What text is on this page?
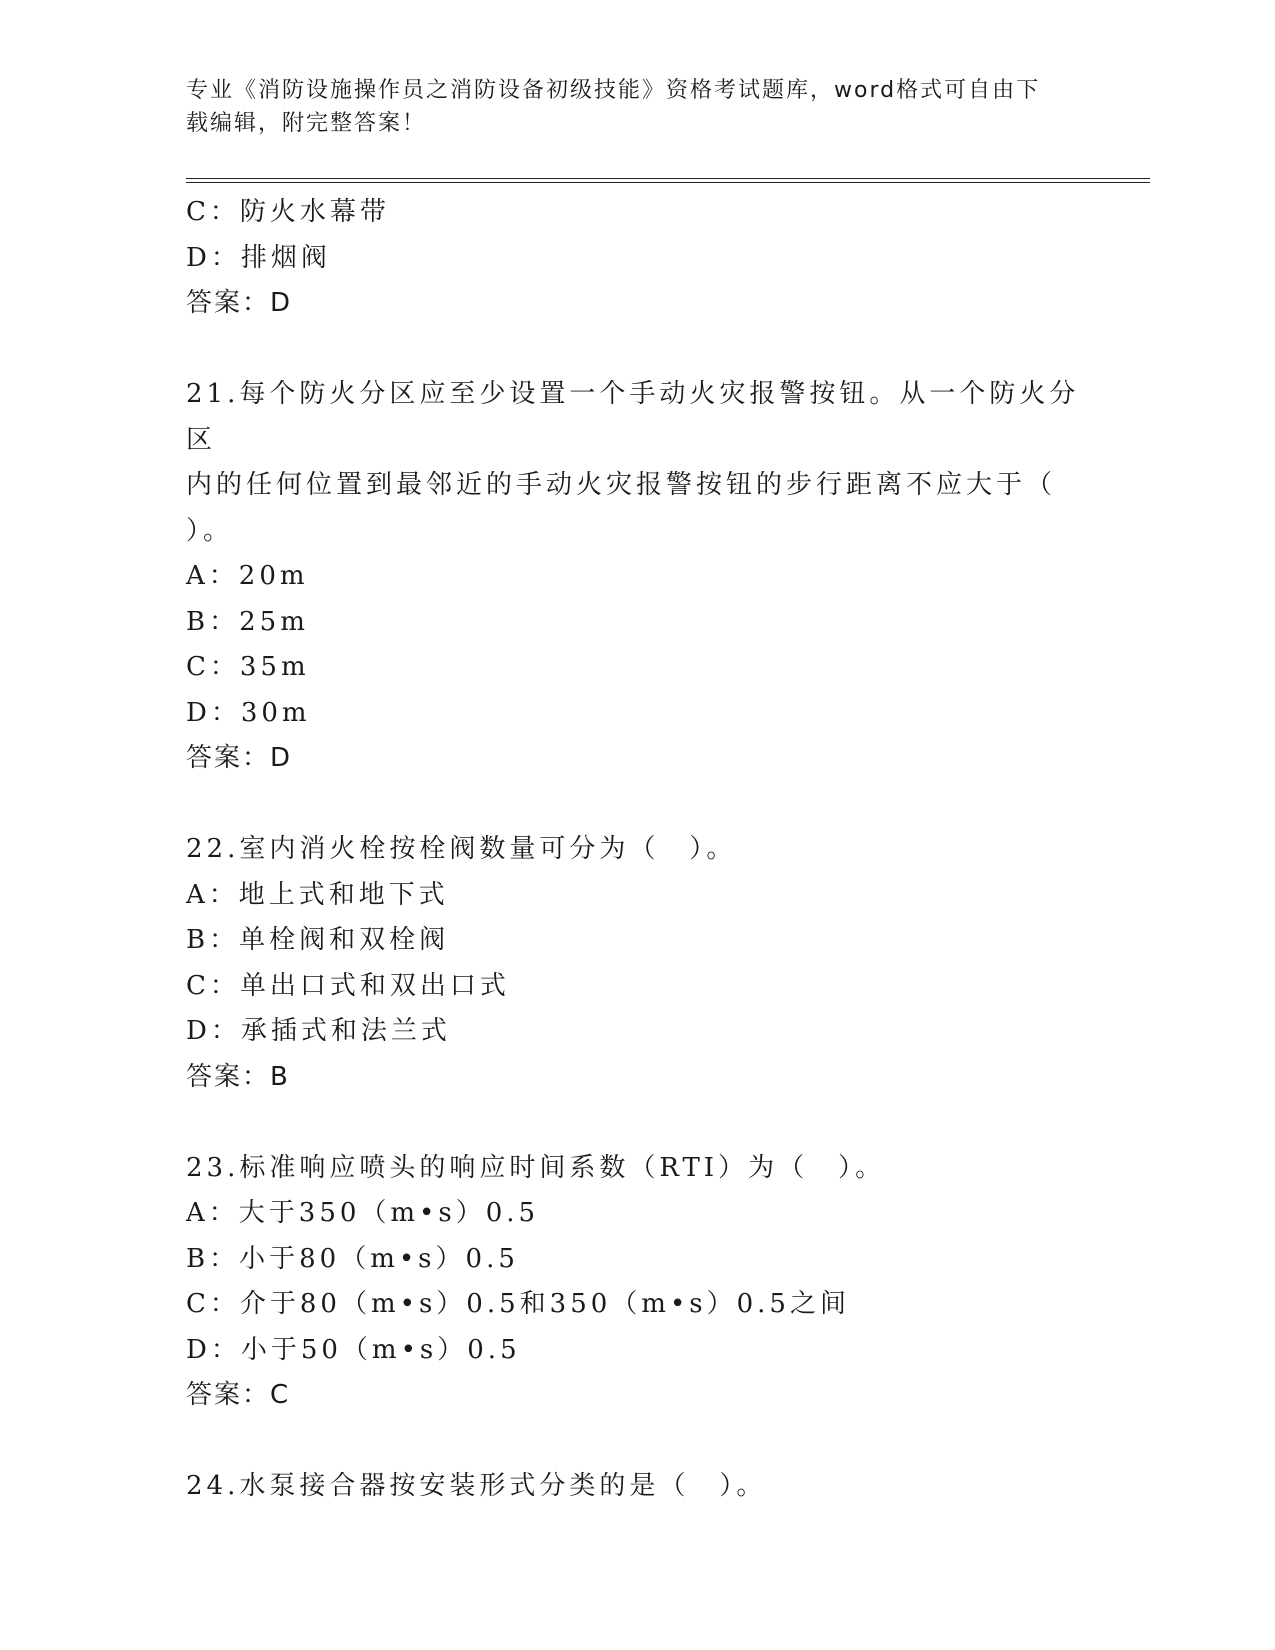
专业《消防设施操作员之消防设备初级技能》资格考试题库，word格式可自由下
载编辑，附完整答案！
C：防火水幕带
D：排烟阀
答案：D
21.每个防火分区应至少设置一个手动火灾报警按钮。从一个防火分区
内的任何位置到最邻近的手动火灾报警按钮的步行距离不应大于（
）。
A：20m
B：25m
C：35m
D：30m
答案：D
22.室内消火栓按栓阀数量可分为（　）。
A：地上式和地下式
B：单栓阀和双栓阀
C：单出口式和双出口式
D：承插式和法兰式
答案：B
23.标准响应喷头的响应时间系数（RTI）为（　）。
A：大于350（m•s）0.5
B：小于80（m•s）0.5
C：介于80（m•s）0.5和350（m•s）0.5之间
D：小于50（m•s）0.5
答案：C
24.水泵接合器按安装形式分类的是（　）。
